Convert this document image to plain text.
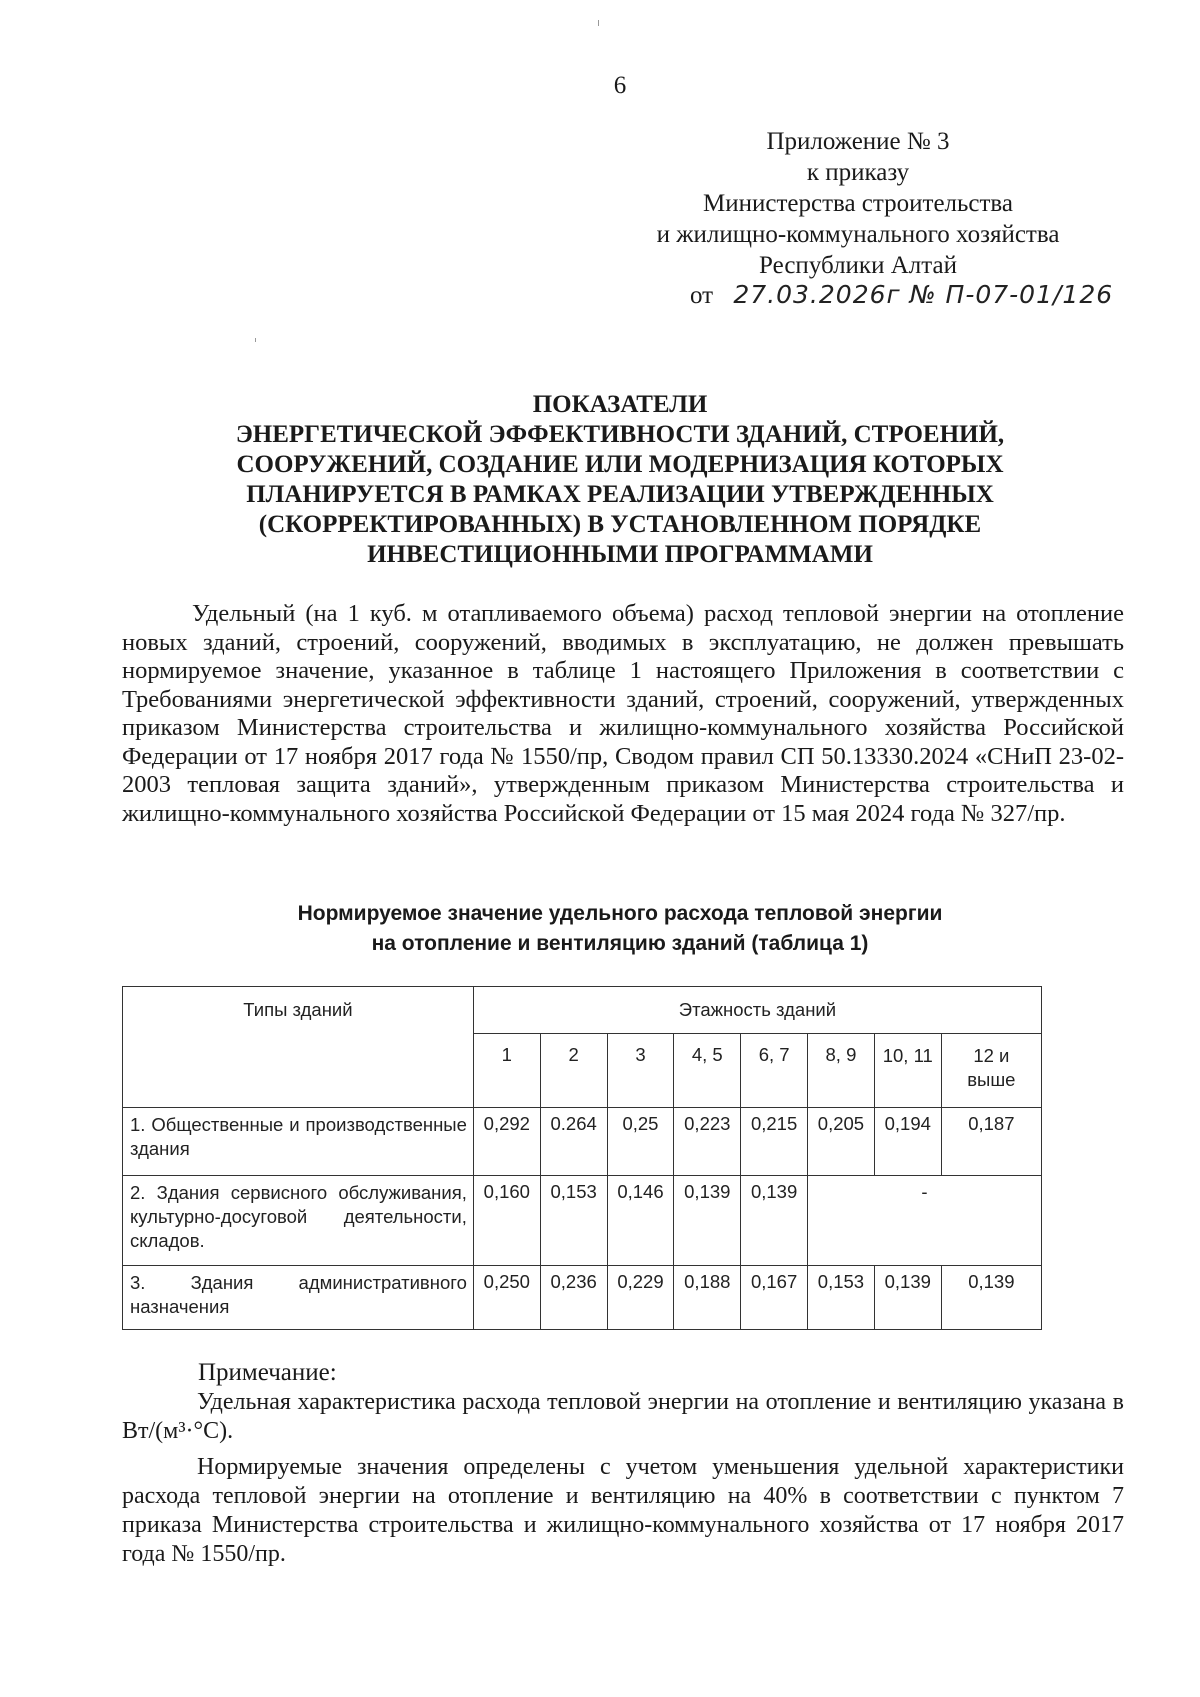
6
Приложение № 3
к приказу
Министерства строительства
и жилищно-коммунального хозяйства
Республики Алтай
от 27.03.2026г № П-07-01/126
ПОКАЗАТЕЛИ
ЭНЕРГЕТИЧЕСКОЙ ЭФФЕКТИВНОСТИ ЗДАНИЙ, СТРОЕНИЙ,
СООРУЖЕНИЙ, СОЗДАНИЕ ИЛИ МОДЕРНИЗАЦИЯ КОТОРЫХ
ПЛАНИРУЕТСЯ В РАМКАХ РЕАЛИЗАЦИИ УТВЕРЖДЕННЫХ
(СКОРРЕКТИРОВАННЫХ) В УСТАНОВЛЕННОМ ПОРЯДКЕ
ИНВЕСТИЦИОННЫМИ ПРОГРАММАМИ

Удельный (на 1 куб. м отапливаемого объема) расход тепловой энергии на отопление новых зданий, строений, сооружений, вводимых в эксплуатацию, не должен превышать нормируемое значение, указанное в таблице 1 настоящего Приложения в соответствии с Требованиями энергетической эффективности зданий, строений, сооружений, утвержденных приказом Министерства строительства и жилищно-коммунального хозяйства Российской Федерации от 17 ноября 2017 года № 1550/пр, Сводом правил СП 50.13330.2024 «СНиП 23-02-2003 тепловая защита зданий», утвержденным приказом Министерства строительства и жилищно-коммунального хозяйства Российской Федерации от 15 мая 2024 года № 327/пр.

Нормируемое значение удельного расхода тепловой энергии
на отопление и вентиляцию зданий (таблица 1)
Типы зданий	Этажность зданий							
	1	2	3	4, 5	6, 7	8, 9	10, 11	12 и выше
1. Общественные и производственные здания	0,292	0.264	0,25	0,223	0,215	0,205	0,194	0,187
2. Здания сервисного обслуживания, культурно-досуговой деятельности, складов.	0,160	0,153	0,146	0,139	0,139	-		
3. Здания административного назначения	0,250	0,236	0,229	0,188	0,167	0,153	0,139	0,139
Примечание:

Удельная характеристика расхода тепловой энергии на отопление и вентиляцию указана в Вт/(м³·°С).

Нормируемые значения определены с учетом уменьшения удельной характеристики расхода тепловой энергии на отопление и вентиляцию на 40% в соответствии с пунктом 7 приказа Министерства строительства и жилищно-коммунального хозяйства от 17 ноября 2017 года № 1550/пр.
